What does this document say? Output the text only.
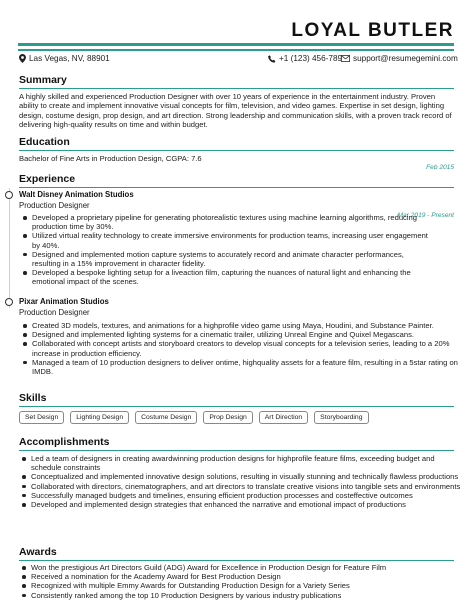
LOYAL BUTLER
Las Vegas, NV, 88901	+1 (123) 456-789 support@resumegemini.com
Summary

A highly skilled and experienced Production Designer with over 10 years of experience in the entertainment industry. Proven ability to create and implement innovative visual concepts for film, television, and video games. Expertise in set design, lighting design, costume design, prop design, and art direction. Strong leadership and communication skills, with a proven track record of delivering high-quality results on time and within budget.

Education
Bachelor of Fine Arts in Production Design, CGPA: 7.6
Feb 2015
Experience
Walt Disney Animation Studios
Production Designer
Mar 2019 - Present
Developed a proprietary pipeline for generating photorealistic textures using machine learning algorithms, reducing production time by 30%.
Utilized virtual reality technology to create immersive environments for production teams, increasing user engagement by 40%.
Designed and implemented motion capture systems to accurately record and animate character performances, resulting in a 15% improvement in character fidelity.
Developed a bespoke lighting setup for a liveaction film, capturing the nuances of natural light and enhancing the emotional impact of the scenes.
Pixar Animation Studios
Production Designer
Created 3D models, textures, and animations for a highprofile video game using Maya, Houdini, and Substance Painter.
Designed and implemented lighting systems for a cinematic trailer, utilizing Unreal Engine and Quixel Megascans.
Collaborated with concept artists and storyboard creators to develop visual concepts for a television series, leading to a 20% increase in production efficiency.
Managed a team of 10 production designers to deliver ontime, highquality assets for a feature film, resulting in a 5star rating on IMDB.
Skills
Set Design	Lighting Design	Costume Design	Prop Design	Art Direction	Storyboarding
Accomplishments
Led a team of designers in creating awardwinning production designs for highprofile feature films, exceeding budget and schedule constraints
Conceptualized and implemented innovative design solutions, resulting in visually stunning and technically flawless productions
Collaborated with directors, cinematographers, and art directors to translate creative visions into tangible sets and environments
Successfully managed budgets and timelines, ensuring efficient production processes and costeffective outcomes
Developed and implemented design strategies that enhanced the narrative and emotional impact of productions
Awards
Won the prestigious Art Directors Guild (ADG) Award for Excellence in Production Design for Feature Film
Received a nomination for the Academy Award for Best Production Design
Recognized with multiple Emmy Awards for Outstanding Production Design for a Variety Series
Consistently ranked among the top 10 Production Designers by various industry publications
